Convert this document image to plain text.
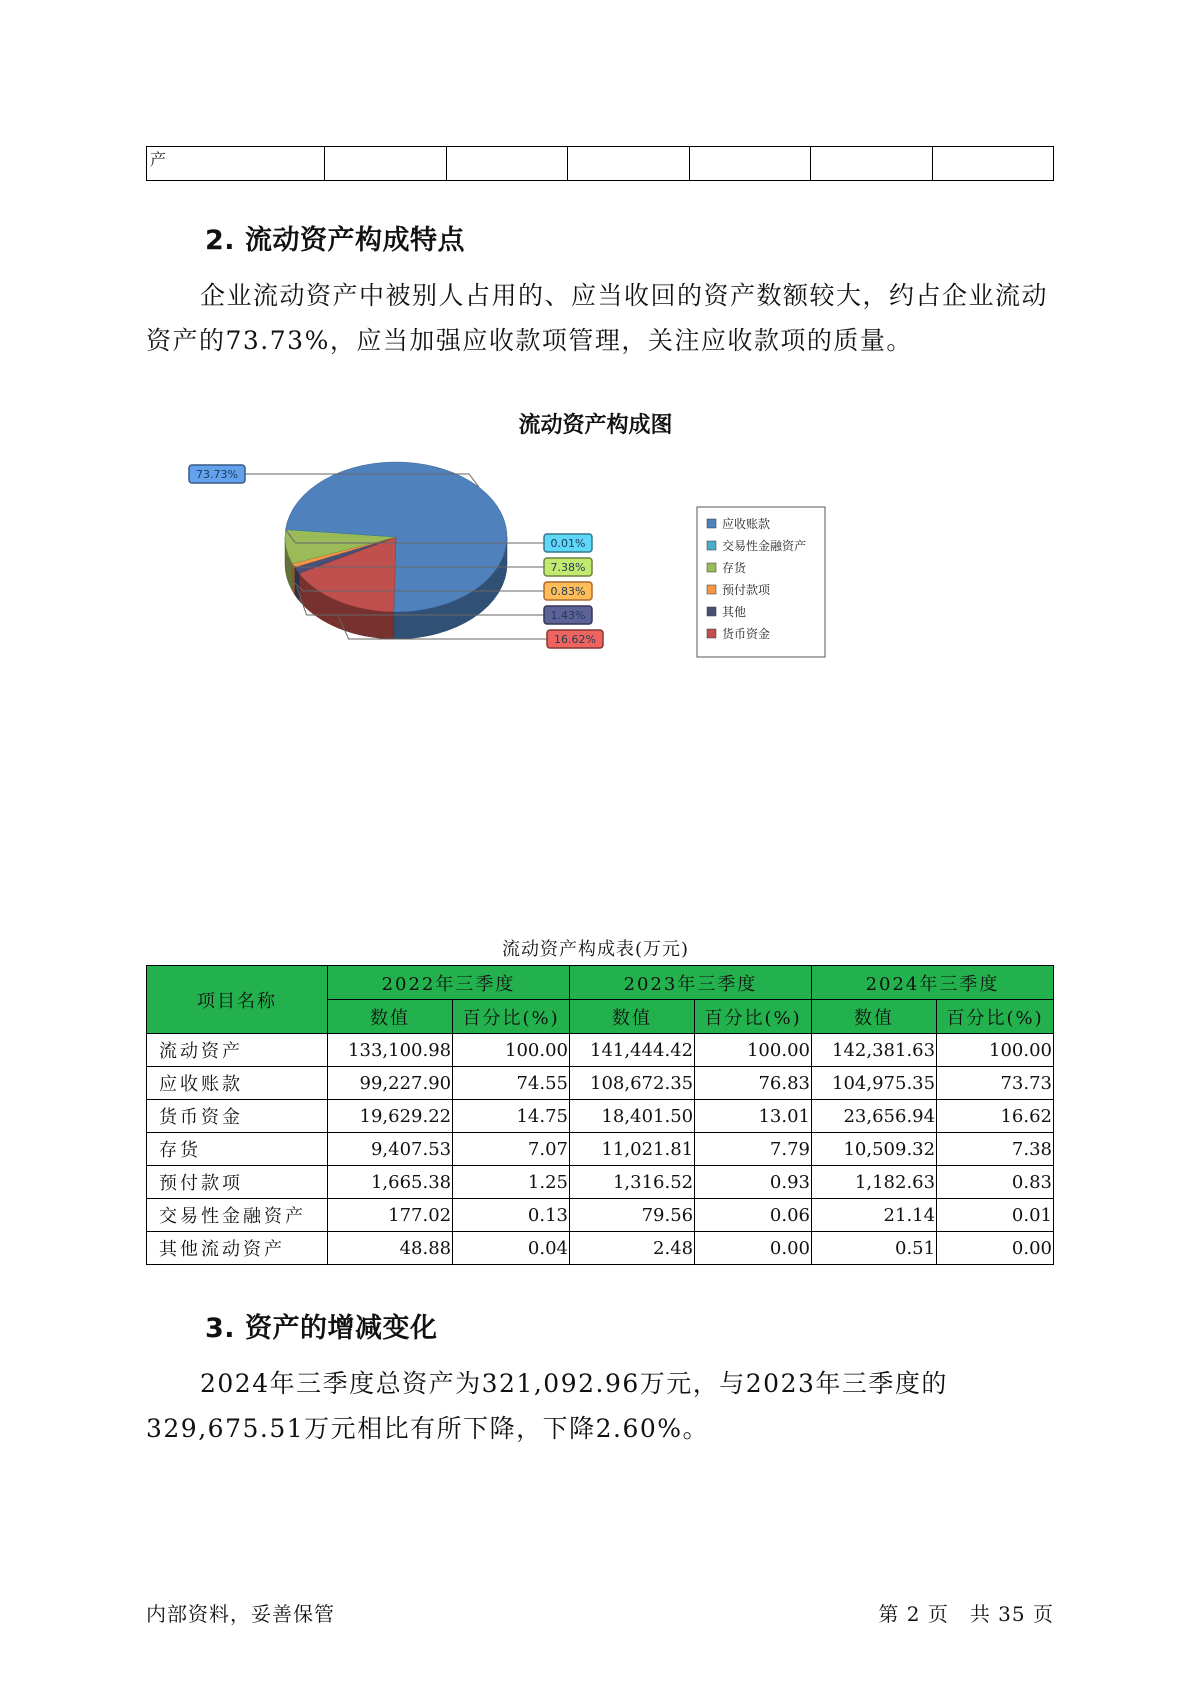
产						
2. 流动资产构成特点
企业流动资产中被别人占用的、应当收回的资产数额较大，约占企业流动资产的73.73%，应当加强应收款项管理，关注应收款项的质量。
流动资产构成图
73.73%
16.62%
1.43%
0.83%
7.38%
0.01%
应收账款
交易性金融资产
存货
预付款项
其他
货币资金
流动资产构成表(万元)
项目名称	2022年三季度		2023年三季度		2024年三季度	
	数值	百分比(%)	数值	百分比(%)	数值	百分比(%)
流动资产	133,100.98	100.00	141,444.42	100.00	142,381.63	100.00
应收账款	99,227.90	74.55	108,672.35	76.83	104,975.35	73.73
货币资金	19,629.22	14.75	18,401.50	13.01	23,656.94	16.62
存货	9,407.53	7.07	11,021.81	7.79	10,509.32	7.38
预付款项	1,665.38	1.25	1,316.52	0.93	1,182.63	0.83
交易性金融资产	177.02	0.13	79.56	0.06	21.14	0.01
其他流动资产	48.88	0.04	2.48	0.00	0.51	0.00
3. 资产的增减变化
2024年三季度总资产为321,092.96万元，与2023年三季度的329,675.51万元相比有所下降，下降2.60%。
内部资料，妥善保管	第 2 页　共 35 页
